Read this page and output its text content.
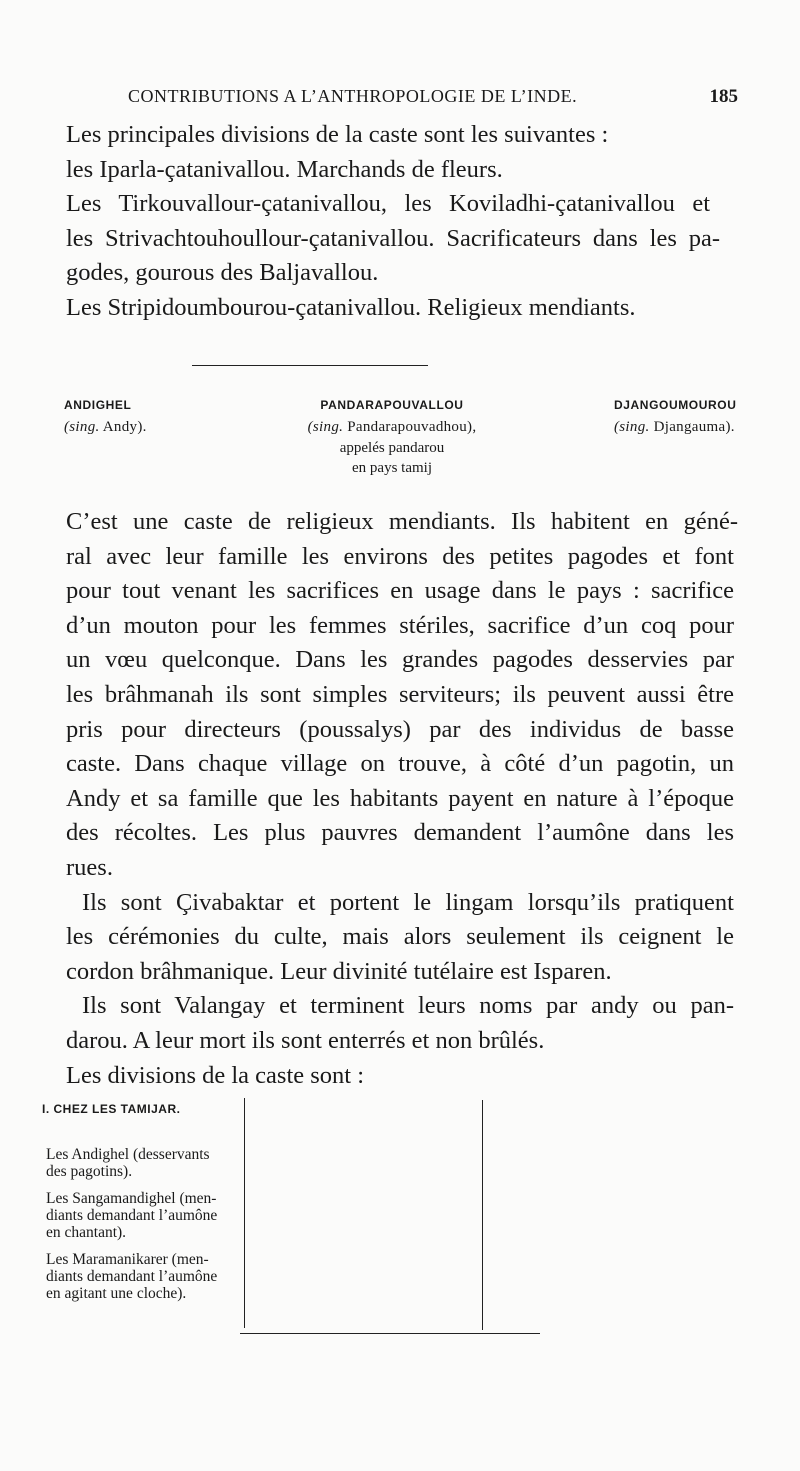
CONTRIBUTIONS A L’ANTHROPOLOGIE DE L’INDE.	185
Les principales divisions de la caste sont les suivantes :
les Iparla-çatanivallou. Marchands de fleurs.
Les Tirkouvallour-çatanivallou, les Koviladhi-çatanivallou et
les Strivachtouhoullour-çatanivallou. Sacrificateurs dans les pa-
godes, gourous des Baljavallou.
Les Stripidoumbourou-çatanivallou. Religieux mendiants.
ANDIGHEL
(sing. Andy).
PANDARAPOUVALLOU
(sing. Pandarapouvadhou),
appelés pandarou
en pays tamij
DJANGOUMOUROU
(sing. Djangauma).
C’est une caste de religieux mendiants. Ils habitent en géné-
ral avec leur famille les environs des petites pagodes et font
pour tout venant les sacrifices en usage dans le pays : sacrifice
d’un mouton pour les femmes stériles, sacrifice d’un coq pour
un vœu quelconque. Dans les grandes pagodes desservies par
les brâhmanah ils sont simples serviteurs; ils peuvent aussi être
pris pour directeurs (poussalys) par des individus de basse
caste. Dans chaque village on trouve, à côté d’un pagotin, un
Andy et sa famille que les habitants payent en nature à l’époque
des récoltes. Les plus pauvres demandent l’aumône dans les
rues.
Ils sont Çivabaktar et portent le lingam lorsqu’ils pratiquent
les cérémonies du culte, mais alors seulement ils ceignent le
cordon brâhmanique. Leur divinité tutélaire est Isparen.
Ils sont Valangay et terminent leurs noms par andy ou pan-
darou. A leur mort ils sont enterrés et non brûlés.
Les divisions de la caste sont :
I. CHEZ LES TAMIJAR.
Les Andighel (desservants
des pagotins).
Les Sangamandighel (men-
diants demandant l’aumône
en chantant).
Les Maramanikarer (men-
diants demandant l’aumône
en agitant une cloche).
